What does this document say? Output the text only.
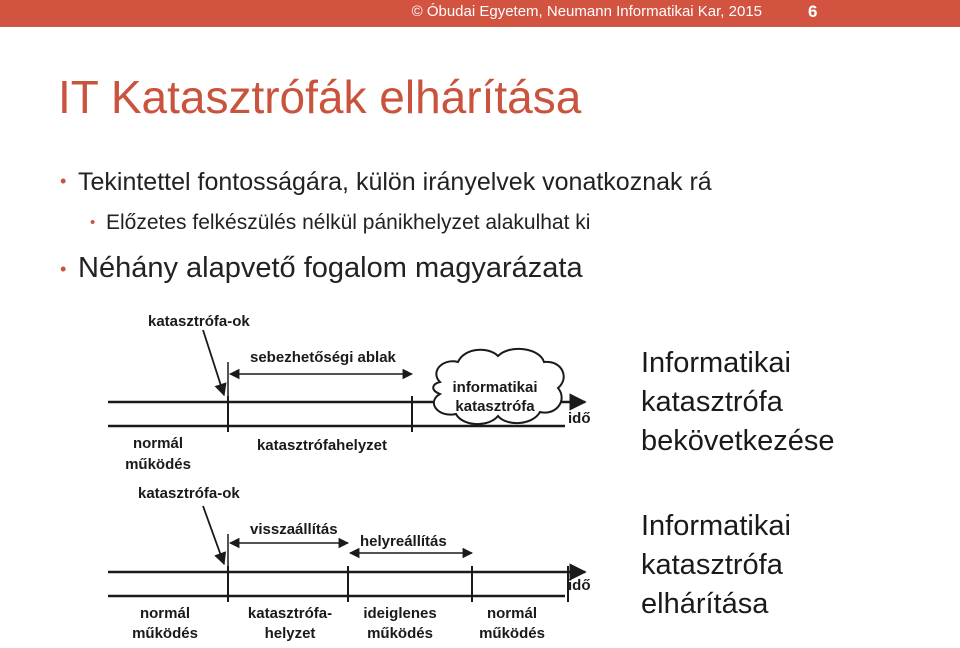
© Óbudai Egyetem, Neumann Informatikai Kar, 2015	6
IT Katasztrófák elhárítása
• Tekintettel fontosságára, külön irányelvek vonatkoznak rá
• Előzetes felkészülés nélkül pánikhelyzet alakulhat ki
• Néhány alapvető fogalom magyarázata
katasztrófa-ok
sebezhetőségi ablak
informatikai
katasztrófa
idő
normál
működés
katasztrófahelyzet
katasztrófa-ok
visszaállítás
helyreállítás
idő
normál
működés
katasztrófa-
helyzet
ideiglenes
működés
normál
működés
Informatikai
katasztrófa
bekövetkezése
Informatikai
katasztrófa
elhárítása
